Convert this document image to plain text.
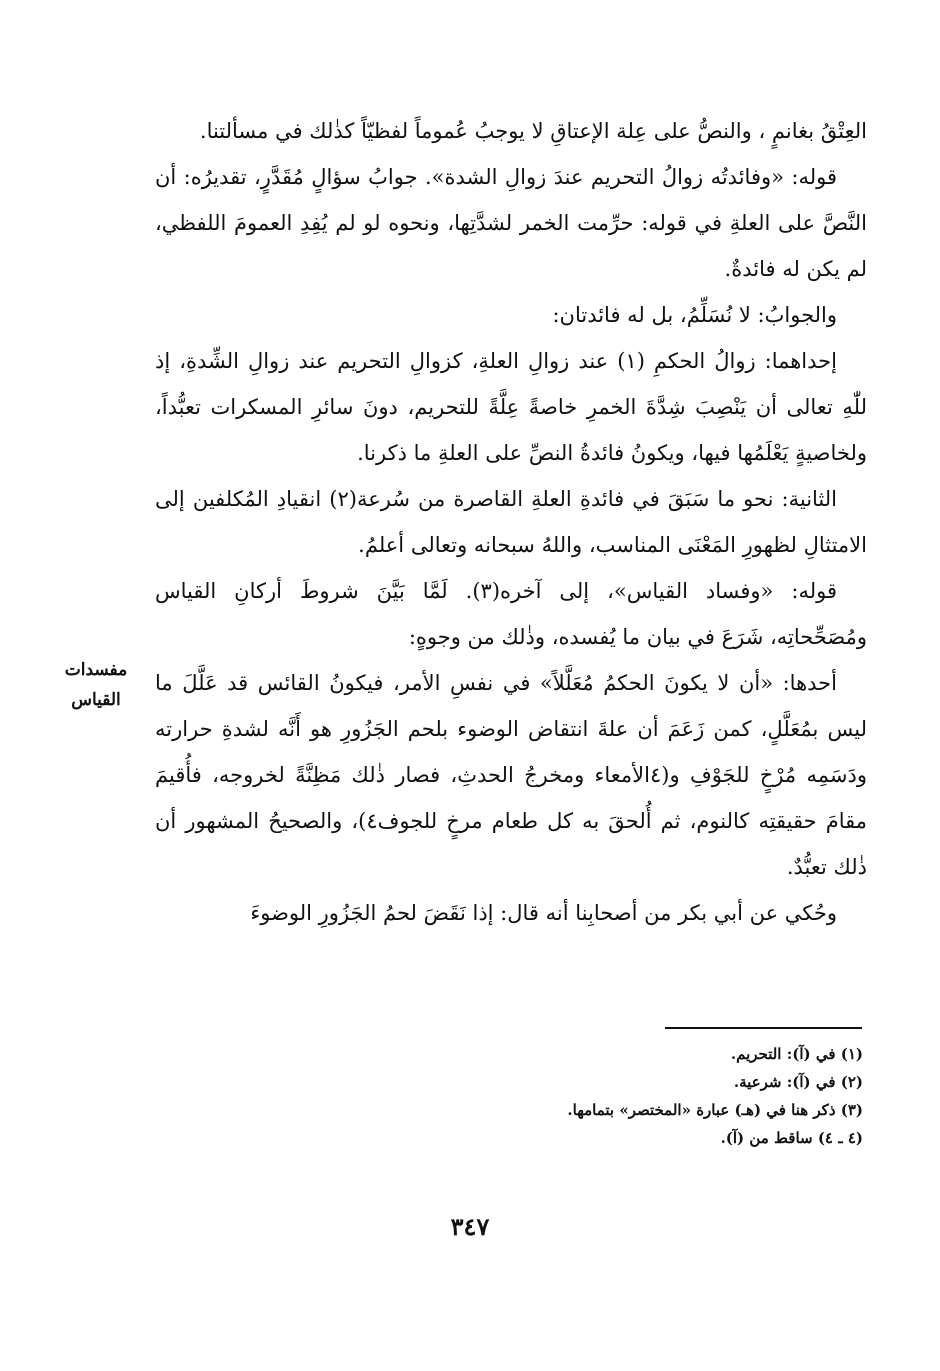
العِتْقُ بغانمٍ ، والنصُّ على عِلة الإعتاقِ لا يوجبُ عُموماً لفظيّاً كذٰلك في مسألتنا.

قوله: «وفائدتُه زوالُ التحريم عندَ زوالِ الشدة». جوابُ سؤالٍ مُقَدَّرٍ، تقديرُه: أن النَّصَّ على العلةِ في قوله: حرِّمت الخمر لشدَّتِها، ونحوه لو لم يُفِدِ العمومَ اللفظي، لم يكن له فائدةٌ.

والجوابُ: لا نُسَلِّمُ، بل له فائدتان:

إحداهما: زوالُ الحكمِ (١) عند زوالِ العلةِ، كزوالِ التحريم عند زوالِ الشِّدةِ، إذ للّٰهِ تعالى أن يَنْصِبَ شِدَّةَ الخمرِ خاصةً عِلَّةً للتحريم، دونَ سائرِ المسكرات تعبُّداً، ولخاصيةٍ يَعْلَمُها فيها، ويكونُ فائدةُ النصِّ على العلةِ ما ذكرنا.

الثانية: نحو ما سَبَقَ في فائدةِ العلةِ القاصرة من سُرعة(٢) انقيادِ المُكلفين إلى الامتثالِ لظهورِ المَعْنَى المناسب، واللهُ سبحانه وتعالى أعلمُ.

قوله: «وفساد القياس»، إلى آخره(٣). لَمَّا بَيَّنَ شروطَ أركانِ القياس ومُصَحِّحاتِه، شَرَعَ في بيان ما يُفسده، وذٰلك من وجوهٍ:

أحدها: «أن لا يكونَ الحكمُ مُعَلَّلاً» في نفسِ الأمر، فيكونُ القائس قد عَلَّلَ ما ليس بمُعَلَّلٍ، كمن زَعَمَ أن علةَ انتقاض الوضوء بلحم الجَزُورِ هو أَنَّه لشدةِ حرارته ودَسَمِه مُرْخٍ للجَوْفِ و(٤الأمعاء ومخرجُ الحدثِ، فصار ذٰلك مَظِنَّةً لخروجه، فأُقيمَ مقامَ حقيقتِه كالنوم، ثم أُلحقَ به كل طعام مرخٍ للجوف٤)، والصحيحُ المشهور أن ذٰلك تعبُّدٌ.

وحُكي عن أبي بكر من أصحابِنا أنه قال: إذا نَقَضَ لحمُ الجَزُورِ الوضوءَ

مفسدات
القياس
(١) في (آ): التحريم.
(٢) في (آ): شرعية.
(٣) ذكر هنا في (هـ) عبارة «المختصر» بتمامها.
(٤ ـ ٤) ساقط من (آ).
٣٤٧
